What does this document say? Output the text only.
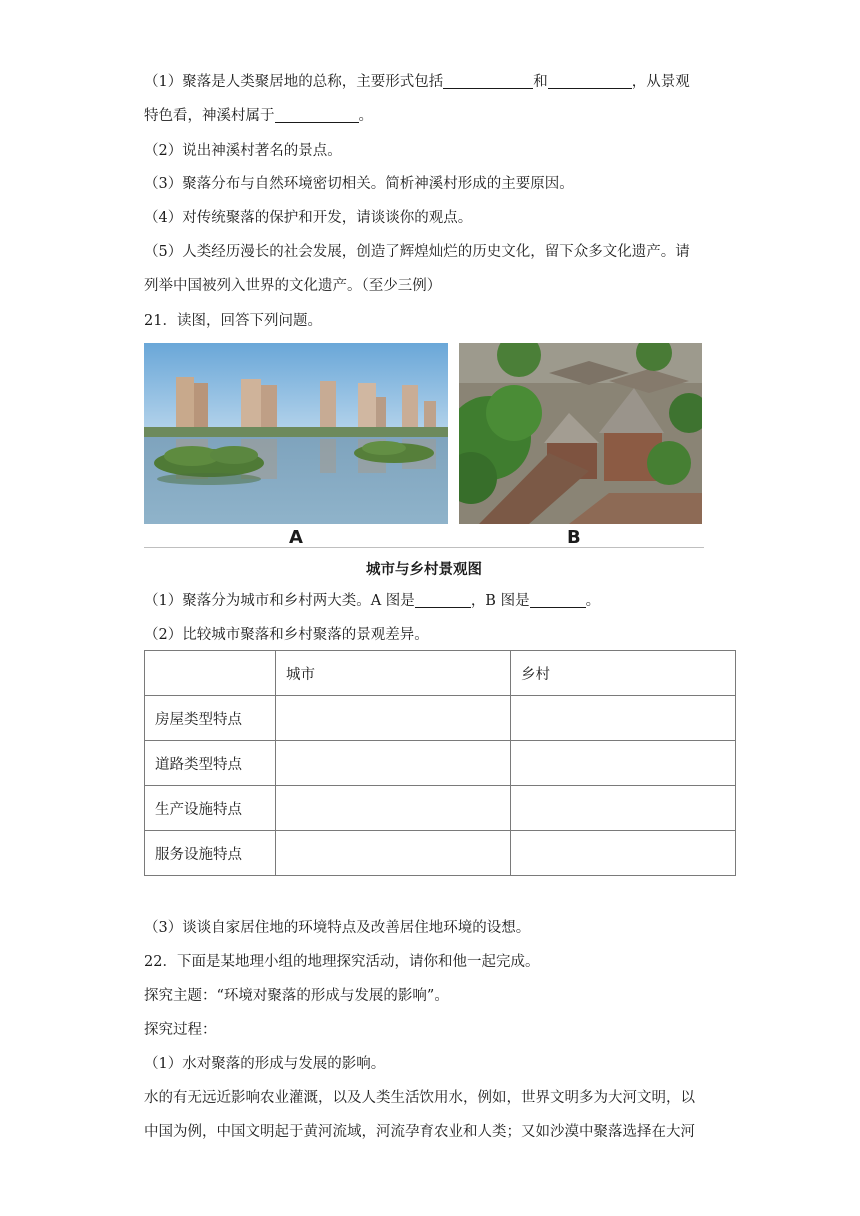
（1）聚落是人类聚居地的总称，主要形式包括	和	，从景观
特色看，神溪村属于	。
（2）说出神溪村著名的景点。
（3）聚落分布与自然环境密切相关。简析神溪村形成的主要原因。
（4）对传统聚落的保护和开发，请谈谈你的观点。
（5）人类经历漫长的社会发展，创造了辉煌灿烂的历史文化，留下众多文化遗产。请
列举中国被列入世界的文化遗产。（至少三例）
21．读图，回答下列问题。
A	B
城市与乡村景观图
（1）聚落分为城市和乡村两大类。A 图是	，B 图是	。
（2）比较城市聚落和乡村聚落的景观差异。
	城市	乡村
房屋类型特点		
道路类型特点		
生产设施特点		
服务设施特点		
（3）谈谈自家居住地的环境特点及改善居住地环境的设想。
22．下面是某地理小组的地理探究活动，请你和他一起完成。
探究主题：“环境对聚落的形成与发展的影响”。
探究过程：
（1）水对聚落的形成与发展的影响。
水的有无远近影响农业灌溉，以及人类生活饮用水，例如，世界文明多为大河文明，以
中国为例，中国文明起于黄河流域，河流孕育农业和人类；又如沙漠中聚落选择在大河
